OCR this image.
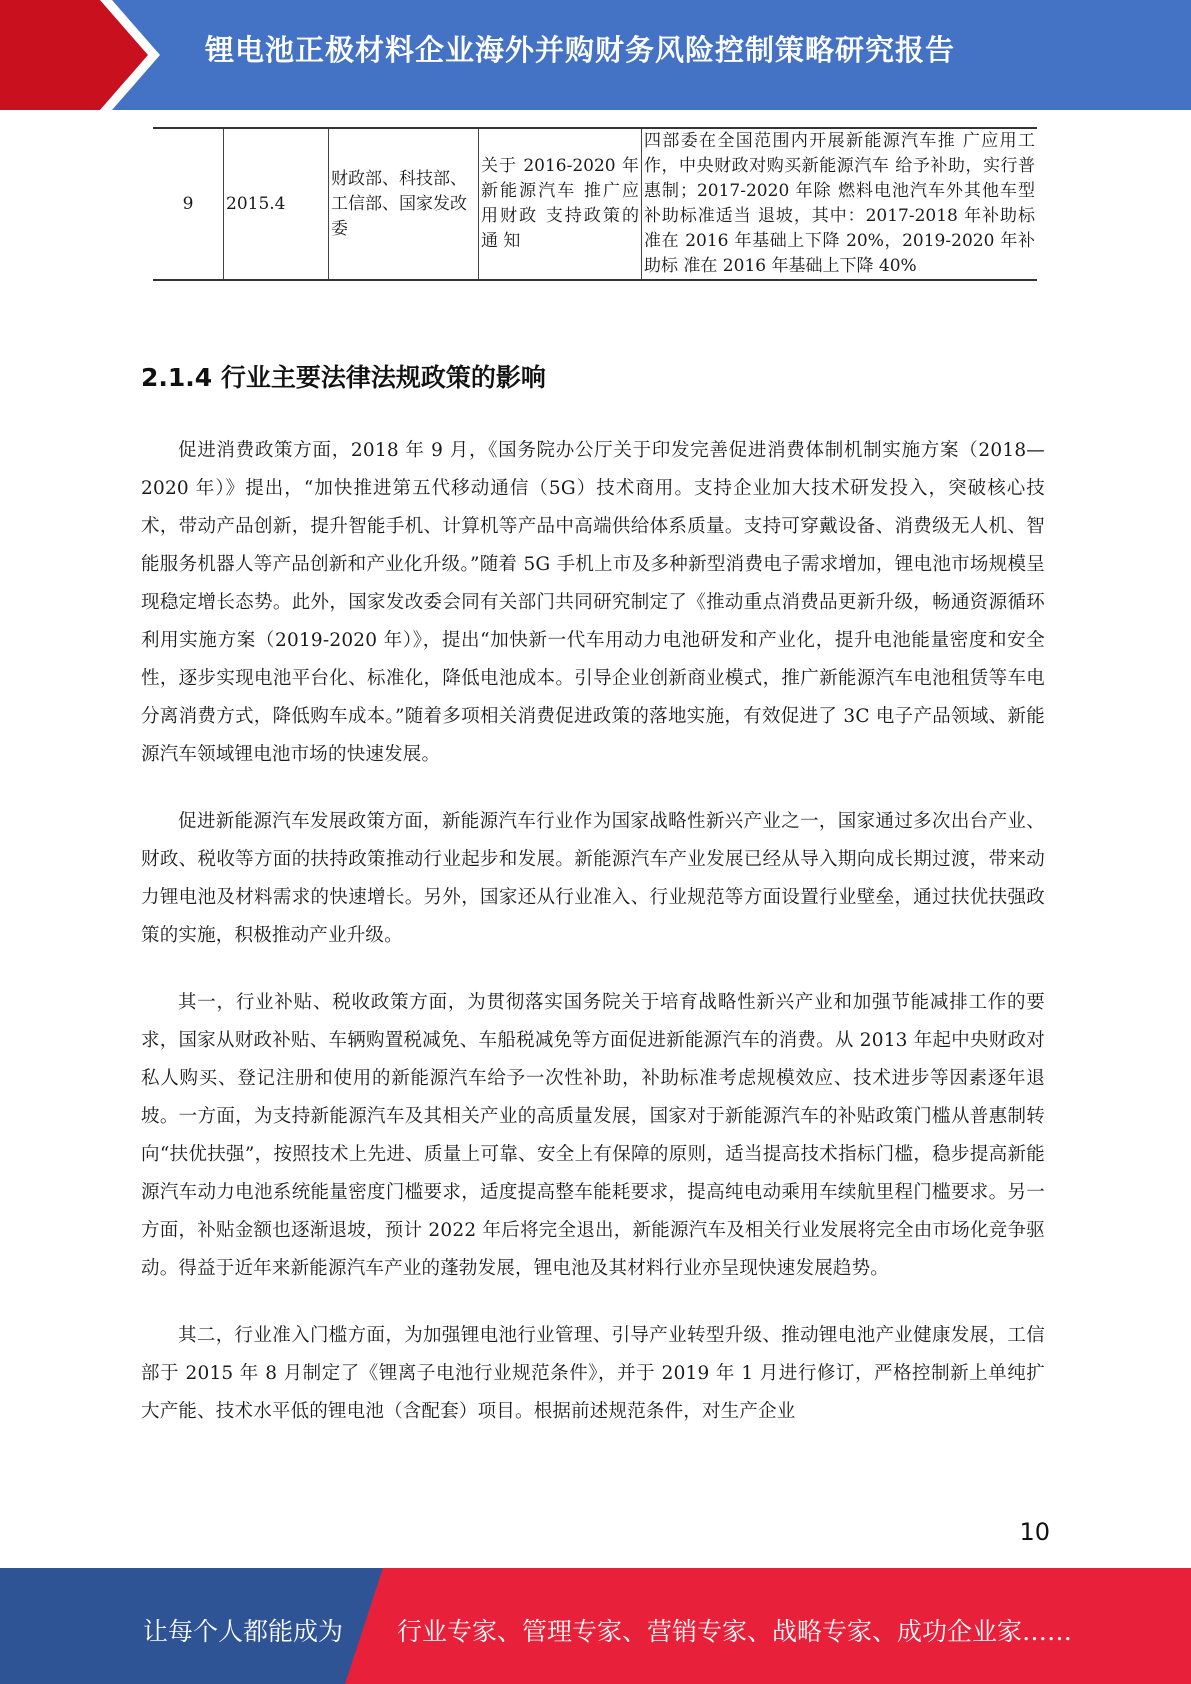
锂电池正极材料企业海外并购财务风险控制策略研究报告
9	2015.4	财政部、科技部、工信部、国家发改委	关于 2016-2020 年新能源汽车 推广应用财政 支持政策的通 知	四部委在全国范围内开展新能源汽车推 广应用工作，中央财政对购买新能源汽车 给予补助，实行普惠制；2017-2020 年除 燃料电池汽车外其他车型补助标准适当 退坡，其中：2017-2018 年补助标准在 2016 年基础上下降 20%，2019-2020 年补助标 准在 2016 年基础上下降 40%
2.1.4 行业主要法律法规政策的影响

促进消费政策方面，2018 年 9 月，《国务院办公厅关于印发完善促进消费体制机制实施方案（2018—2020 年）》提出，“加快推进第五代移动通信（5G）技术商用。支持企业加大技术研发投入，突破核心技术，带动产品创新，提升智能手机、计算机等产品中高端供给体系质量。支持可穿戴设备、消费级无人机、智能服务机器人等产品创新和产业化升级。”随着 5G 手机上市及多种新型消费电子需求增加，锂电池市场规模呈现稳定增长态势。此外，国家发改委会同有关部门共同研究制定了《推动重点消费品更新升级，畅通资源循环利用实施方案（2019-2020 年）》，提出“加快新一代车用动力电池研发和产业化，提升电池能量密度和安全性，逐步实现电池平台化、标准化，降低电池成本。引导企业创新商业模式，推广新能源汽车电池租赁等车电分离消费方式，降低购车成本。”随着多项相关消费促进政策的落地实施，有效促进了 3C 电子产品领域、新能源汽车领域锂电池市场的快速发展。

促进新能源汽车发展政策方面，新能源汽车行业作为国家战略性新兴产业之一，国家通过多次出台产业、财政、税收等方面的扶持政策推动行业起步和发展。新能源汽车产业发展已经从导入期向成长期过渡，带来动力锂电池及材料需求的快速增长。另外，国家还从行业准入、行业规范等方面设置行业壁垒，通过扶优扶强政策的实施，积极推动产业升级。

其一，行业补贴、税收政策方面，为贯彻落实国务院关于培育战略性新兴产业和加强节能减排工作的要求，国家从财政补贴、车辆购置税减免、车船税减免等方面促进新能源汽车的消费。从 2013 年起中央财政对私人购买、登记注册和使用的新能源汽车给予一次性补助，补助标准考虑规模效应、技术进步等因素逐年退坡。一方面，为支持新能源汽车及其相关产业的高质量发展，国家对于新能源汽车的补贴政策门槛从普惠制转向“扶优扶强”，按照技术上先进、质量上可靠、安全上有保障的原则，适当提高技术指标门槛，稳步提高新能源汽车动力电池系统能量密度门槛要求，适度提高整车能耗要求，提高纯电动乘用车续航里程门槛要求。另一方面，补贴金额也逐渐退坡，预计 2022 年后将完全退出，新能源汽车及相关行业发展将完全由市场化竞争驱动。得益于近年来新能源汽车产业的蓬勃发展，锂电池及其材料行业亦呈现快速发展趋势。

其二，行业准入门槛方面，为加强锂电池行业管理、引导产业转型升级、推动锂电池产业健康发展，工信部于 2015 年 8 月制定了《锂离子电池行业规范条件》，并于 2019 年 1 月进行修订，严格控制新上单纯扩大产能、技术水平低的锂电池（含配套）项目。根据前述规范条件，对生产企业

10
让每个人都能成为 行业专家、管理专家、营销专家、战略专家、成功企业家……
